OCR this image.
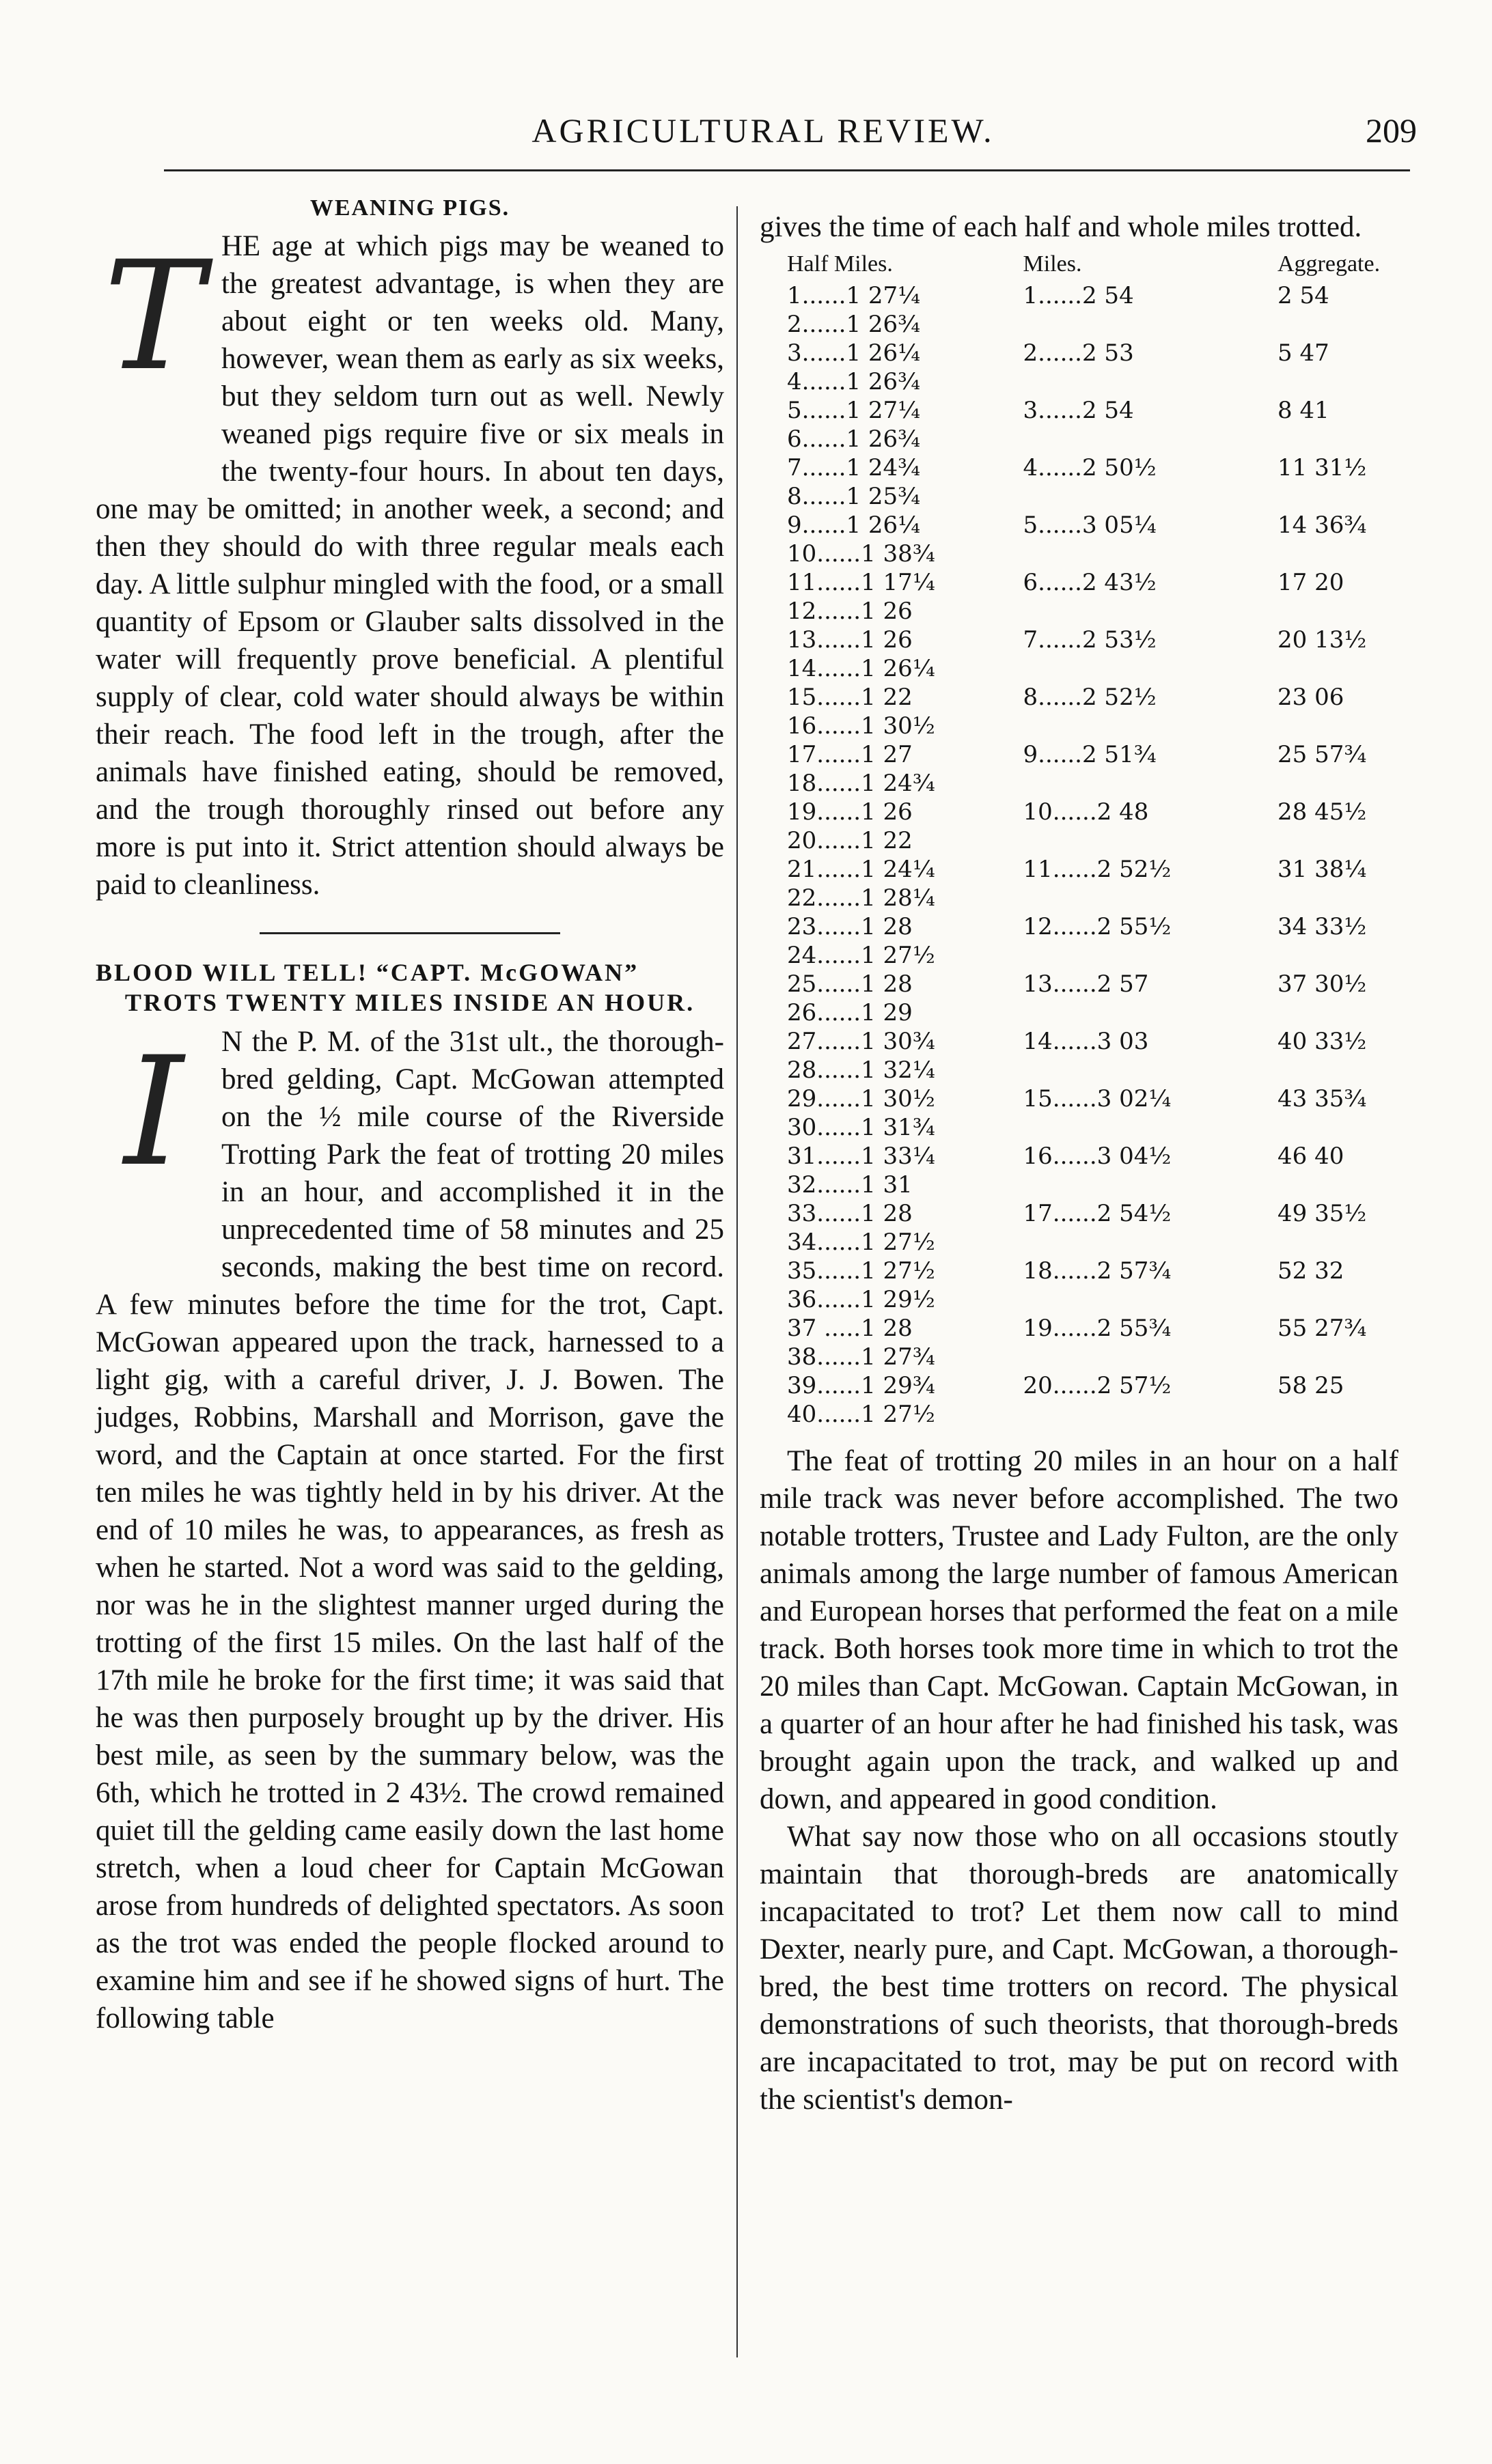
AGRICULTURAL REVIEW.	209
WEANING PIGS.
T HE age at which pigs may be weaned to the greatest advantage, is when they are about eight or ten weeks old. Many, however, wean them as early as six weeks, but they seldom turn out as well. Newly weaned pigs require five or six meals in the twenty-four hours. In about ten days, one may be omitted; in another week, a second; and then they should do with three regular meals each day. A little sulphur mingled with the food, or a small quantity of Epsom or Glauber salts dissolved in the water will frequently prove beneficial. A plentiful supply of clear, cold water should always be within their reach. The food left in the trough, after the animals have finished eating, should be removed, and the trough thoroughly rinsed out before any more is put into it. Strict attention should always be paid to cleanliness.

BLOOD WILL TELL! “CAPT. McGOWAN”
TROTS TWENTY MILES INSIDE AN HOUR.
I	N the P. M. of the 31st ult., the thorough-bred gelding, Capt. McGowan attempted on the ½ mile course of the Riverside Trotting Park the feat of trotting 20 miles in an hour, and accomplished it in the unprecedented time of 58 minutes and 25 seconds, making the best time on record. A few minutes before the time for the trot, Capt. McGowan appeared upon the track, harnessed to a light gig, with a careful driver, J. J. Bowen. The judges, Robbins, Marshall and Morrison, gave the word, and the Captain at once started. For the first ten miles he was tightly held in by his driver. At the end of 10 miles he was, to appearances, as fresh as when he started. Not a word was said to the gelding, nor was he in the slightest manner urged during the trotting of the first 15 miles. On the last half of the 17th mile he broke for the first time; it was said that he was then purposely brought up by the driver. His best mile, as seen by the summary below, was the 6th, which he trotted in 2 43½. The crowd remained quiet till the gelding came easily down the last home stretch, when a loud cheer for Captain McGowan arose from hundreds of delighted spectators. As soon as the trot was ended the people flocked around to examine him and see if he showed signs of hurt. The following table

gives the time of each half and whole miles trotted.

Half Miles.	Miles.	Aggregate.
1......1 27¼	1......2 54	2 54
2......1 26¾		
3......1 26¼	2......2 53	5 47
4......1 26¾		
5......1 27¼	3......2 54	8 41
6......1 26¾		
7......1 24¾	4......2 50½	11 31½
8......1 25¾		
9......1 26¼	5......3 05¼	14 36¾
10......1 38¾		
11......1 17¼	6......2 43½	17 20
12......1 26		
13......1 26	7......2 53½	20 13½
14......1 26¼		
15......1 22	8......2 52½	23 06
16......1 30½		
17......1 27	9......2 51¾	25 57¾
18......1 24¾		
19......1 26	10......2 48	28 45½
20......1 22		
21......1 24¼	11......2 52½	31 38¼
22......1 28¼		
23......1 28	12......2 55½	34 33½
24......1 27½		
25......1 28	13......2 57	37 30½
26......1 29		
27......1 30¾	14......3 03	40 33½
28......1 32¼		
29......1 30½	15......3 02¼	43 35¾
30......1 31¾		
31......1 33¼	16......3 04½	46 40
32......1 31		
33......1 28	17......2 54½	49 35½
34......1 27½		
35......1 27½	18......2 57¾	52 32
36......1 29½		
37 .....1 28	19......2 55¾	55 27¾
38......1 27¾		
39......1 29¾	20......2 57½	58 25
40......1 27½		

The feat of trotting 20 miles in an hour on a half mile track was never before accomplished. The two notable trotters, Trustee and Lady Fulton, are the only animals among the large number of famous American and European horses that performed the feat on a mile track. Both horses took more time in which to trot the 20 miles than Capt. McGowan. Captain McGowan, in a quarter of an hour after he had finished his task, was brought again upon the track, and walked up and down, and appeared in good condition.

What say now those who on all occasions stoutly maintain that thorough-breds are anatomically incapacitated to trot? Let them now call to mind Dexter, nearly pure, and Capt. McGowan, a thorough-bred, the best time trotters on record. The physical demonstrations of such theorists, that thorough-breds are incapacitated to trot, may be put on record with the scientist's demon-
